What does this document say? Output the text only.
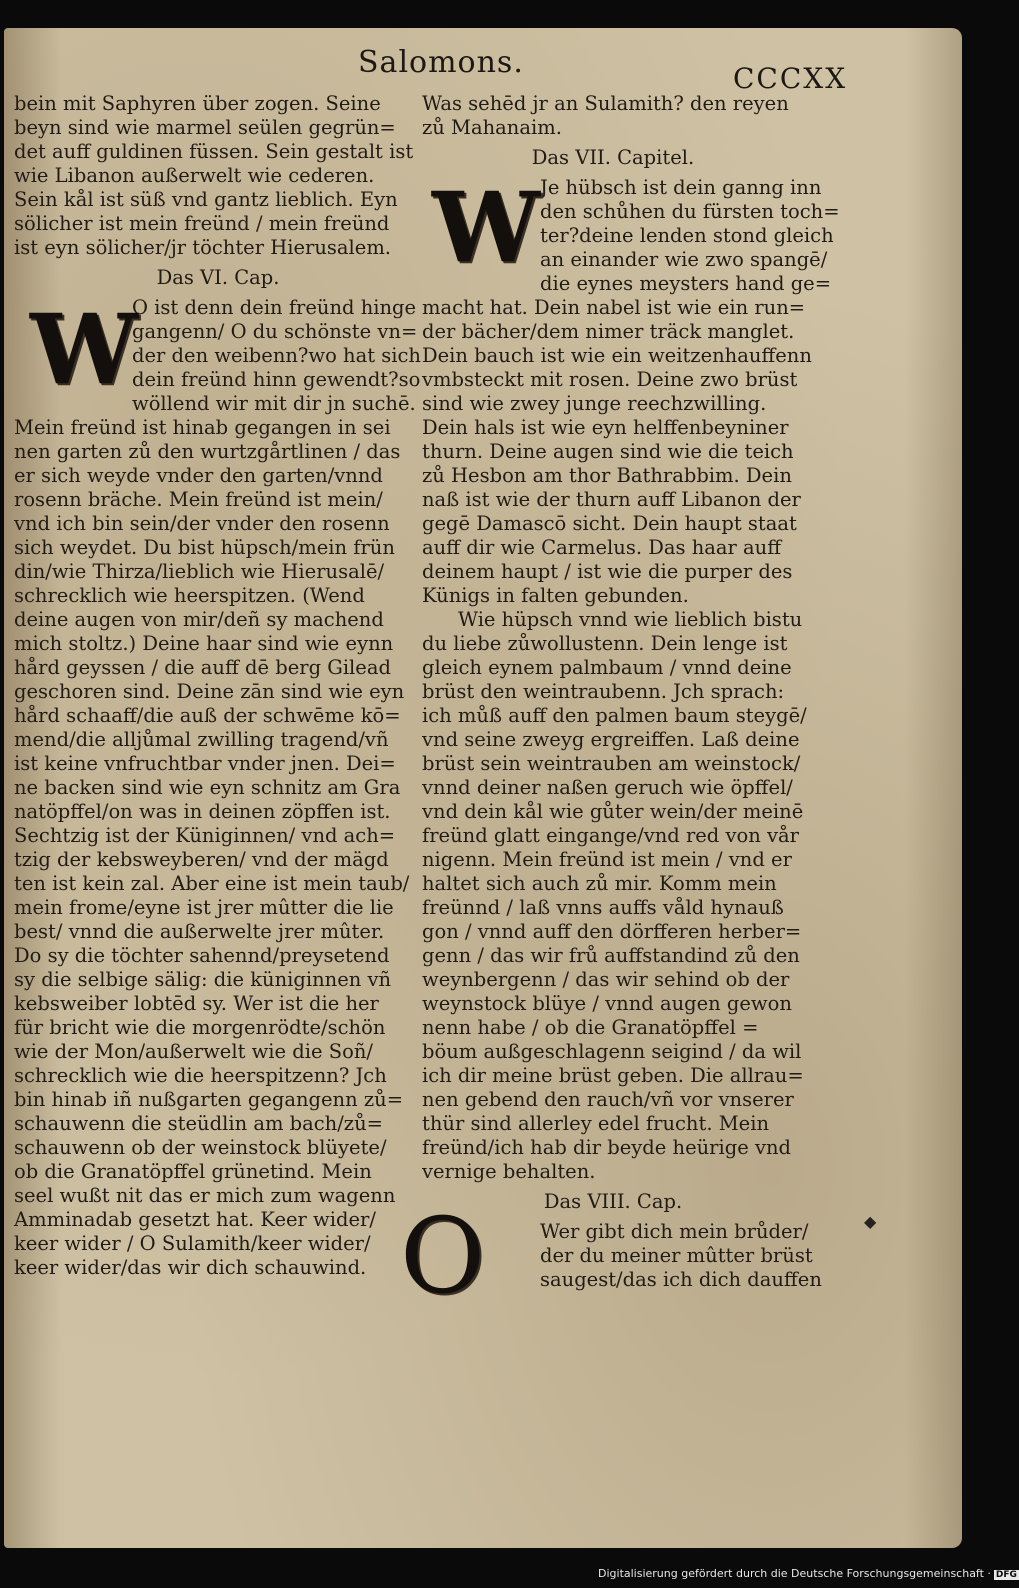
Salomons.	CCCXX
bein mit Saphyren über zogen. Seine
beyn sind wie marmel seülen gegrün=
det auff guldinen füssen. Sein gestalt ist
wie Libanon außerwelt wie cederen.
Sein kål ist süß vnd gantz lieblich. Eyn
sölicher ist mein freünd / mein freünd
ist eyn sölicher/jr töchter Hierusalem.
Das VI. Cap.
O ist denn dein freünd hinge
gangenn/ O du schönste vn=
der den weibenn?wo hat sich
dein freünd hinn gewendt?so
wöllend wir mit dir jn suchē.
Mein freünd ist hinab gegangen in sei
nen garten zů den wurtzgårtlinen / das
er sich weyde vnder den garten/vnnd
rosenn bräche. Mein freünd ist mein/
vnd ich bin sein/der vnder den rosenn
sich weydet. Du bist hüpsch/mein frün
din/wie Thirza/lieblich wie Hierusalē/
schrecklich wie heerspitzen. (Wend
deine augen von mir/deñ sy machend
mich stoltz.) Deine haar sind wie eynn
hård geyssen / die auff dē berg Gilead
geschoren sind. Deine zān sind wie eyn
hård schaaff/die auß der schwēme kō=
mend/die alljůmal zwilling tragend/vñ
ist keine vnfruchtbar vnder jnen. Dei=
ne backen sind wie eyn schnitz am Gra
natöpffel/on was in deinen zöpffen ist.
Sechtzig ist der Küniginnen/ vnd ach=
tzig der kebsweyberen/ vnd der mägd
ten ist kein zal. Aber eine ist mein taub/
mein frome/eyne ist jrer mûtter die lie
best/ vnnd die außerwelte jrer mûter.
Do sy die töchter sahennd/preysetend
sy die selbige sälig: die küniginnen vñ
kebsweiber lobtēd sy. Wer ist die her
für bricht wie die morgenrödte/schön
wie der Mon/außerwelt wie die Soñ/
schrecklich wie die heerspitzenn? Jch
bin hinab iñ nußgarten gegangenn zů=
schauwenn die steüdlin am bach/zů=
schauwenn ob der weinstock blüyete/
ob die Granatöpffel grünetind. Mein
seel wußt nit das er mich zum wagenn
Amminadab gesetzt hat. Keer wider/
keer wider / O Sulamith/keer wider/
keer wider/das wir dich schauwind.
Was sehēd jr an Sulamith? den reyen
zů Mahanaim.
Das VII. Capitel.
Je hübsch ist dein ganng inn
den schůhen du fürsten toch=
ter?deine lenden stond gleich
an einander wie zwo spangē/
die eynes meysters hand ge=
macht hat. Dein nabel ist wie ein run=
der bächer/dem nimer träck manglet.
Dein bauch ist wie ein weitzenhauffenn
vmbsteckt mit rosen. Deine zwo brüst
sind wie zwey junge reechzwilling.
Dein hals ist wie eyn helffenbeyniner
thurn. Deine augen sind wie die teich
zů Hesbon am thor Bathrabbim. Dein
naß ist wie der thurn auff Libanon der
gegē Damascō sicht. Dein haupt staat
auff dir wie Carmelus. Das haar auff
deinem haupt / ist wie die purper des
Künigs in falten gebunden.
Wie hüpsch vnnd wie lieblich bistu
du liebe zůwollustenn. Dein lenge ist
gleich eynem palmbaum / vnnd deine
brüst den weintraubenn. Jch sprach:
ich můß auff den palmen baum steygē/
vnd seine zweyg ergreiffen. Laß deine
brüst sein weintrauben am weinstock/
vnnd deiner naßen geruch wie öpffel/
vnd dein kål wie gůter wein/der meinē
freünd glatt eingange/vnd red von vår
nigenn. Mein freünd ist mein / vnd er
haltet sich auch zů mir. Komm mein
freünnd / laß vnns auffs våld hynauß
gon / vnnd auff den dörfferen herber=
genn / das wir frů auffstandind zů den
weynbergenn / das wir sehind ob der
weynstock blüye / vnnd augen gewon
nenn habe / ob die Granatöpffel =
böum außgeschlagenn seigind / da wil
ich dir meine brüst geben. Die allrau=
nen gebend den rauch/vñ vor vnserer
thür sind allerley edel frucht. Mein
freünd/ich hab dir beyde heürige vnd
vernige behalten.
Das VIII. Cap.
Wer gibt dich mein brůder/
der du meiner mûtter brüst
saugest/das ich dich dauffen
W
W
O	◆
Digitalisierung gefördert durch die Deutsche Forschungsgemeinschaft · DFG
